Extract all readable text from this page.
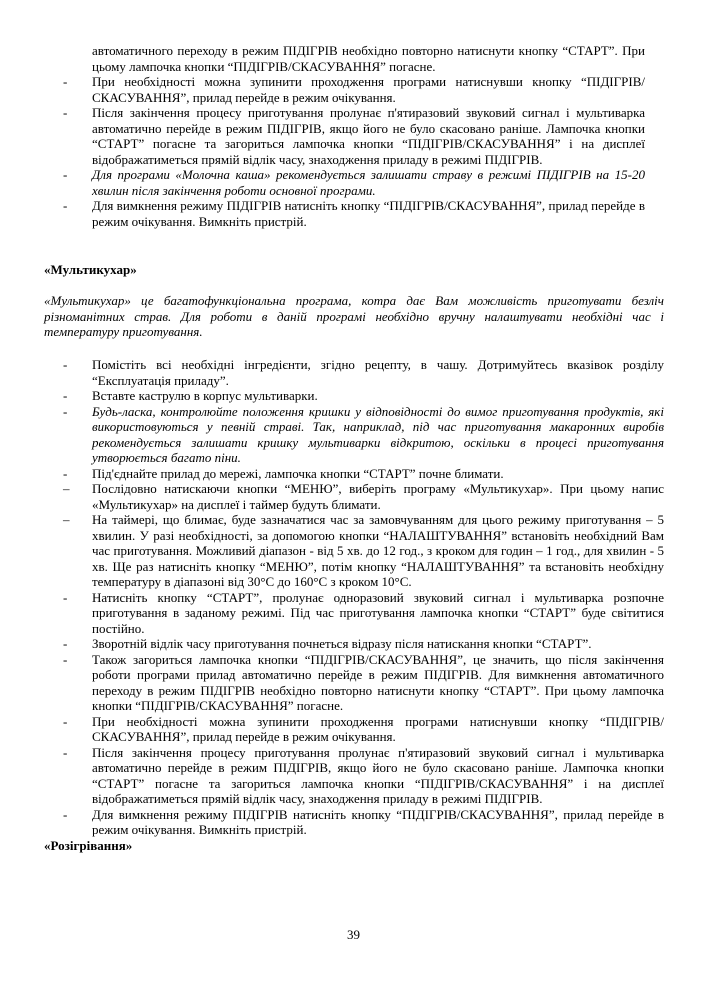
автоматичного переходу в режим ПІДІГРІВ необхідно повторно натиснути кнопку “СТАРТ”. При цьому лампочка кнопки “ПІДІГРІВ/СКАСУВАННЯ” погасне.
- При необхідності можна зупинити проходження програми натиснувши кнопку “ПІДІГРІВ/СКАСУВАННЯ”, прилад перейде в режим очікування.
- Після закінчення процесу приготування пролунає п'ятиразовий звуковий сигнал і мультиварка автоматично перейде в режим ПІДІГРІВ, якщо його не було скасовано раніше. Лампочка кнопки “СТАРТ” погасне та загориться лампочка кнопки “ПІДІГРІВ/СКАСУВАННЯ” і на дисплеї відображатиметься прямій відлік часу, знаходження приладу в режимі ПІДІГРІВ.
- Для програми «Молочна каша» рекомендується залишати страву в режимі ПІДІГРІВ на 15-20 хвилин після закінчення роботи основної програми.
- Для вимкнення режиму ПІДІГРІВ натисніть кнопку “ПІДІГРІВ/СКАСУВАННЯ”, прилад перейде в режим очікування. Вимкніть пристрій.
«Мультикухар»

«Мультикухар» це багатофункціональна програма, котра дає Вам можливість приготувати безліч різноманітних страв. Для роботи в даній програмі необхідно вручну налаштувати необхідні час і температуру приготування.

- Помістіть всі необхідні інгредієнти, згідно рецепту, в чашу. Дотримуйтесь вказівок розділу “Експлуатація приладу”.
- Вставте каструлю в корпус мультиварки.
- Будь-ласка, контролюйте положення кришки у відповідності до вимог приготування продуктів, які використовуються у певній страві. Так, наприклад, під час приготування макаронних виробів рекомендується залишати кришку мультиварки відкритою, оскільки в процесі приготування утворюється багато піни.
- Під'єднайте прилад до мережі, лампочка кнопки “СТАРТ” почне блимати.
– Послідовно натискаючи кнопки “МЕНЮ”, виберіть програму «Мультикухар». При цьому напис «Мультикухар» на дисплеї і таймер будуть блимати.
– На таймері, що блимає, буде зазначатися час за замовчуванням для цього режиму приготування – 5 хвилин. У разі необхідності, за допомогою кнопки “НАЛАШТУВАННЯ” встановіть необхідний Вам час приготування. Можливий діапазон - від 5 хв. до 12 год., з кроком для годин – 1 год., для хвилин - 5 хв. Ще раз натисніть кнопку “МЕНЮ”, потім кнопку “НАЛАШТУВАННЯ” та встановіть необхідну температуру в діапазоні від 30°С до 160°С з кроком 10°С.
- Натисніть кнопку “СТАРТ”, пролунає одноразовий звуковий сигнал і мультиварка розпочне приготування в заданому режимі. Під час приготування лампочка кнопки “СТАРТ” буде світитися постійно.
- Зворотній відлік часу приготування почнеться відразу після натискання кнопки “СТАРТ”.
- Також загориться лампочка кнопки “ПІДІГРІВ/СКАСУВАННЯ”, це значить, що після закінчення роботи програми прилад автоматично перейде в режим ПІДІГРІВ. Для вимкнення автоматичного переходу в режим ПІДІГРІВ необхідно повторно натиснути кнопку “СТАРТ”. При цьому лампочка кнопки “ПІДІГРІВ/СКАСУВАННЯ” погасне.
- При необхідності можна зупинити проходження програми натиснувши кнопку “ПІДІГРІВ/СКАСУВАННЯ”, прилад перейде в режим очікування.
- Після закінчення процесу приготування пролунає п'ятиразовий звуковий сигнал і мультиварка автоматично перейде в режим ПІДІГРІВ, якщо його не було скасовано раніше. Лампочка кнопки “СТАРТ” погасне та загориться лампочка кнопки “ПІДІГРІВ/СКАСУВАННЯ” і на дисплеї відображатиметься прямій відлік часу, знаходження приладу в режимі ПІДІГРІВ.
- Для вимкнення режиму ПІДІГРІВ натисніть кнопку “ПІДІГРІВ/СКАСУВАННЯ”, прилад перейде в режим очікування. Вимкніть пристрій.
«Розігрівання»
39
